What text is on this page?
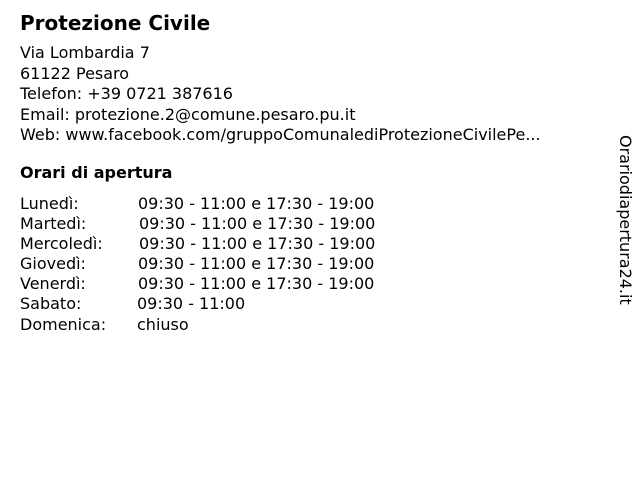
Protezione Civile
Via Lombardia 7
61122 Pesaro
Telefon: +39 0721 387616
Email: protezione.2@comune.pesaro.pu.it
Web: www.facebook.com/gruppoComunalediProtezioneCivilePe...
Orari di apertura
Lunedì:	09:30 - 11:00 e 17:30 - 19:00
Martedì:	09:30 - 11:00 e 17:30 - 19:00
Mercoledì: 09:30 - 11:00 e 17:30 - 19:00
Giovedì:	09:30 - 11:00 e 17:30 - 19:00
Venerdì:	09:30 - 11:00 e 17:30 - 19:00
Sabato:	09:30 - 11:00
Domenica: chiuso
Orariodiapertura24.it
